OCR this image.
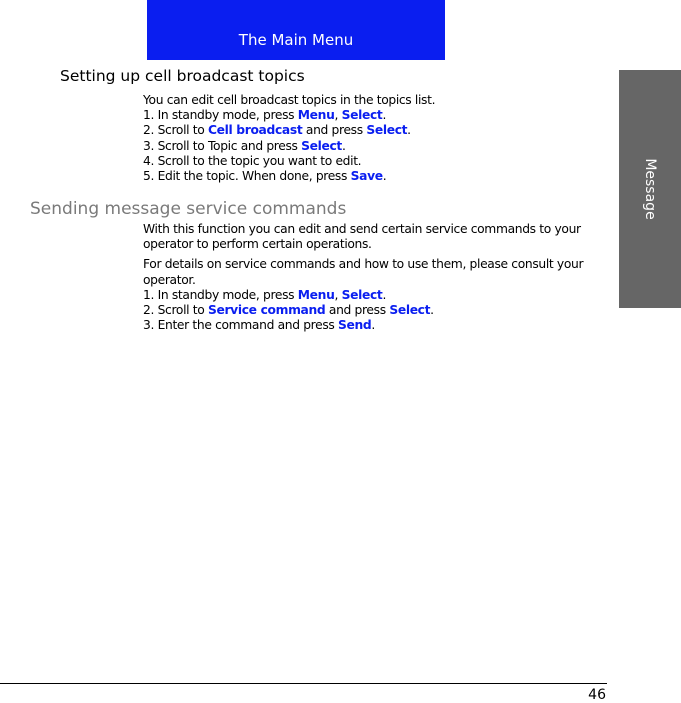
The Main Menu
Message
Setting up cell broadcast topics

You can edit cell broadcast topics in the topics list.

1. In standby mode, press Menu, Select.

2. Scroll to Cell broadcast and press Select.

3. Scroll to Topic and press Select.

4. Scroll to the topic you want to edit.

5. Edit the topic. When done, press Save.

Sending message service commands

With this function you can edit and send certain service commands to your operator to perform certain operations.

For details on service commands and how to use them, please consult your operator.

1. In standby mode, press Menu, Select.

2. Scroll to Service command and press Select.

3. Enter the command and press Send.

46
